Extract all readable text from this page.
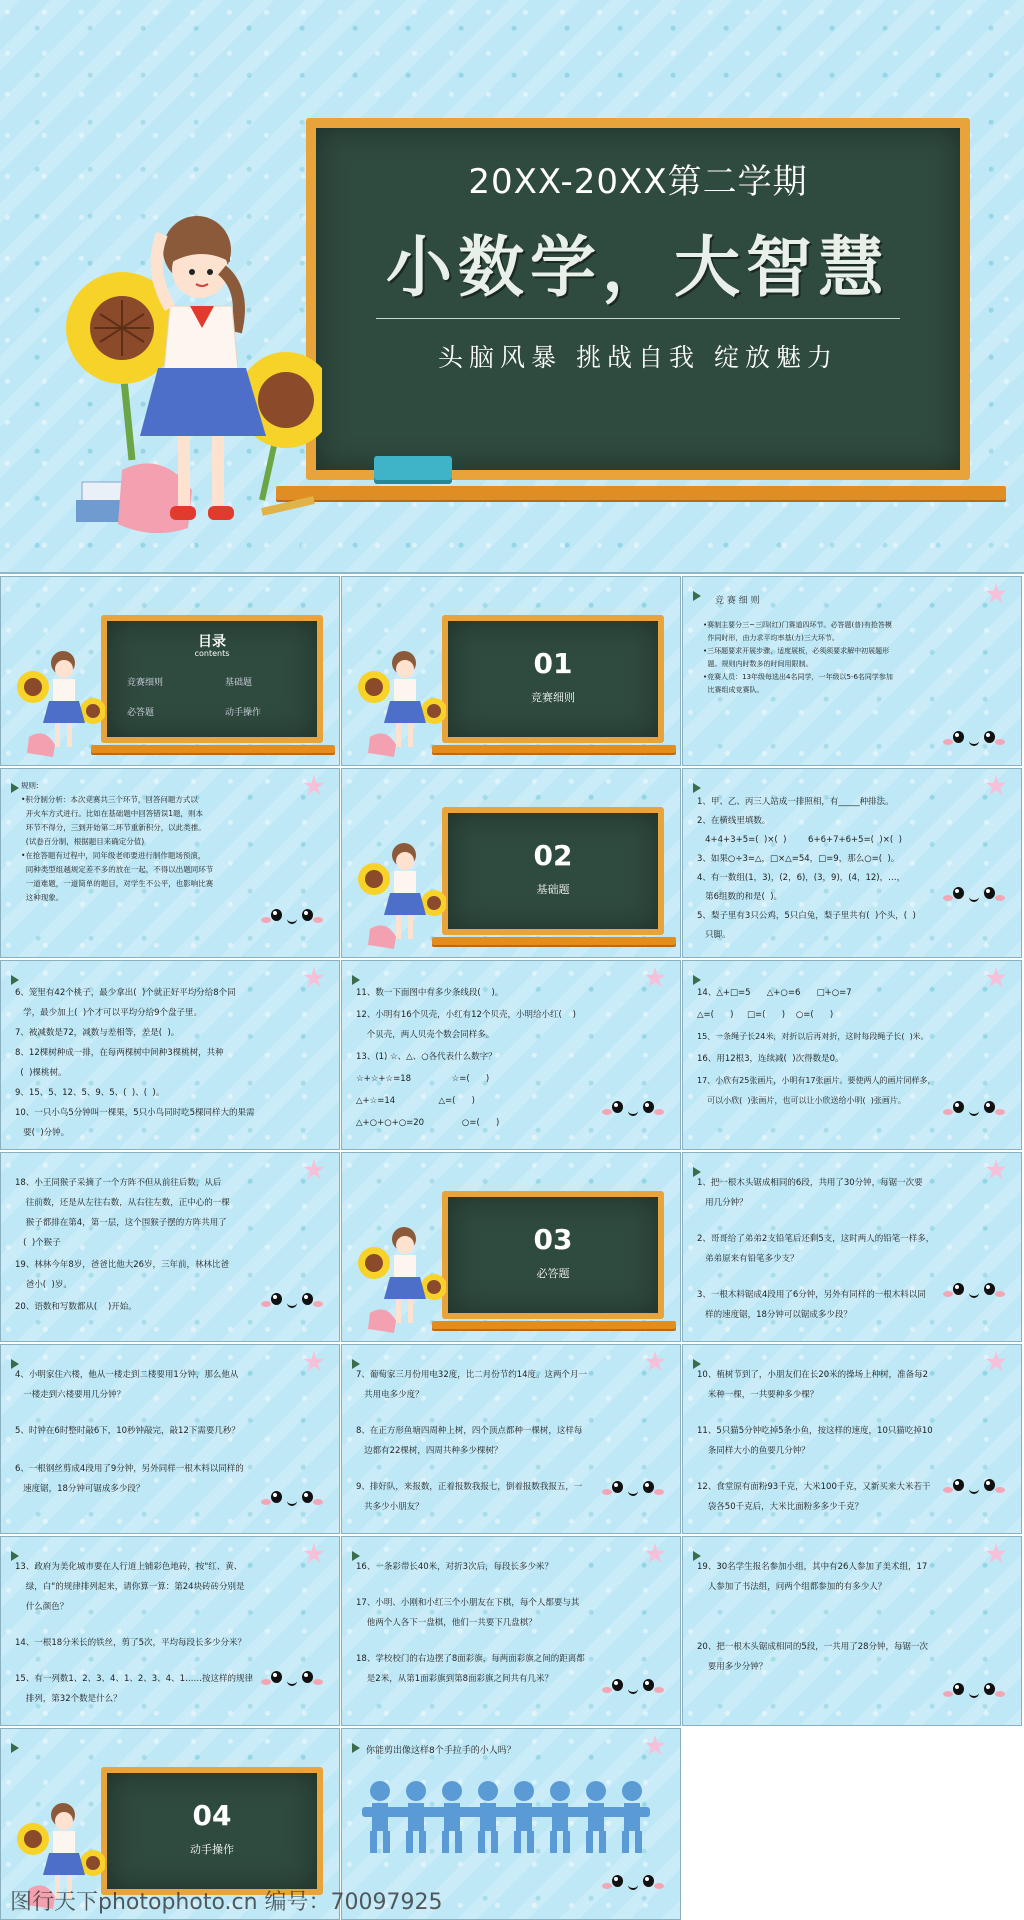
20XX-20XX第二学期
小数学，大智慧
头脑风暴 挑战自我 绽放魅力
目录
contents
竞赛细则	基础题
必答题	动手操作
01
竞赛细则
竞 赛 细 则
•赛制主要分三~三四(红)门赛道四环节。必答题(普)有抢答模
作同时形，由力求平均率基(力)三大环节。
•三环题要求开展步骤，适度展板，必须须要求解中初展题形
题。规则内时数多的时间用限制。
•竞赛人员：13年级每选出4名同学，一年级以5-6名同学参加
比赛组成竞赛队。
规则:
•积分制分析：本次竞赛共三个环节，回答问题方式以
开火车方式进行。比如在基础题中回答错误1题，则本
环节不得分，三到开始第二环节重新积分，以此类推。
(试卷百分制，根据题目来确定分值)
•在抢答题有过程中，同年级老师要进行制作题场预演，
同种类型组越规定差不多的放在一起，不得以出题同环节
一道难题，一道简单的题目，对学生不公平，也影响比赛
这种现象。
02
基础题
1、甲、乙、丙三人站成一排照相，有_____种排法。
2、在横线里填数。
4+4+3+5=(  )×(  )        6+6+7+6+5=(  )×(  )
3、如果○÷3=△，□×△=54，□=9，那么○=(  )。
4、有一数组(1，3)，(2，6)，(3，9)，(4，12)，…，
第6组数的和是(  )。
5、梨子里有3只公鸡，5只白兔，梨子里共有(  )个头，(  )
只脚。
6、笼里有42个桃子，最少拿出(  )个就正好平均分给8个同
学，最少加上(  )个才可以平均分给9个盘子里。
7、被减数是72，减数与差相等，差是(  )。
8、12棵树种成一排，在每两棵树中间种3棵桃树，共种
(  )棵桃树。
9、15、5、12、5、9、5、(  )、(  )。
10、一只小鸟5分钟叫一棵果，5只小鸟同时吃5棵同样大的果需
要(  )分钟。
11、数一下面图中有多少条线段(    )。
12、小明有16个贝壳，小红有12个贝壳，小明给小红(    )
个贝壳，两人贝壳个数会同样多。
13、(1) ☆、△、○各代表什么数字？
☆+☆+☆=18               ☆=(      )
△+☆=14                △=(      )
△+○+○+○=20              ○=(      )
14、△+□=5      △+○=6      □+○=7
△=(      )     □=(      )    ○=(      )
15、一条绳子长24米，对折以后再对折，这时每段绳子长(  )米。
16、用12根3，连续减(  )次得数是0。
17、小欣有25张画片，小明有17张画片。要使两人的画片同样多，
可以小欣(  )张画片，也可以让小欣送给小明(  )张画片。
18、小王同猴子采摘了一个方阵不但从前往后数，从后
往前数，还是从左往右数，从右往左数，正中心的一棵
猴子都排在第4，第一层，这个围猴子摆的方阵共用了
(  )个猴子
19、林林今年8岁，爸爸比他大26岁，三年前，林林比爸
爸小(  )岁。
20、语数和写数都从(    )开始。
03
必答题
1、把一根木头锯成相同的6段，共用了30分钟，每锯一次要
用几分钟？
2、哥哥给了弟弟2支铅笔后还剩5支，这时两人的铅笔一样多，
弟弟原来有铅笔多少支？
3、一根木料锯成4段用了6分钟，另外有同样的一根木料以同
样的速度锯，18分钟可以锯成多少段？
4、小明家住六楼，他从一楼走到二楼要用1分钟，那么他从
一楼走到六楼要用几分钟？
5、时钟在6时整时敲6下，10秒钟敲完，敲12下需要几秒？
6、一根钢丝剪成4段用了9分钟，另外同样一根木料以同样的
速度锯，18分钟可锯成多少段？
7、葡萄家三月份用电32度，比二月份节约14度。这两个月一
共用电多少度？
8、在正方形鱼塘四周种上树，四个顶点都种一棵树，这样每
边都有22棵树，四周共种多少棵树？
9、排好队，来报数，正着报数我报七，倒着报数我报五，一
共多少小朋友？
10、植树节到了，小朋友们在长20米的操场上种树，准备每2
米种一棵，一共要种多少棵？
11、5只猫5分钟吃掉5条小鱼，按这样的速度，10只猫吃掉10
条同样大小的鱼要几分钟？
12、食堂原有面粉93千克，大米100千克，又新买来大米若干
袋各50千克后，大米比面粉多多少千克？
13、政府为美化城市要在人行道上铺彩色地砖，按"红、黄、
绿，白"的规律排列起来，请你算一算：第24块砖砖分别是
什么颜色？
14、一根18分米长的铁丝，剪了5次，平均每段长多少分米？
15、有一列数1、2、3、4、1、2、3、4、1……按这样的规律
排列，第32个数是什么？
16、一条彩带长40米，对折3次后，每段长多少米？
17、小明、小刚和小红三个小朋友在下棋，每个人都要与其
他两个人各下一盘棋，他们一共要下几盘棋？
18、学校校门的右边摆了8面彩旗，每两面彩旗之间的距离都
是2米，从第1面彩旗到第8面彩旗之间共有几米？
19、30名学生报名参加小组，其中有26人参加了美术组，17
人参加了书法组，问两个组都参加的有多少人？
20、把一根木头锯成相同的5段，一共用了28分钟，每锯一次
要用多少分钟？
04
动手操作
你能剪出像这样8个手拉手的小人吗？
图行天下photophoto.cn 编号：70097925
